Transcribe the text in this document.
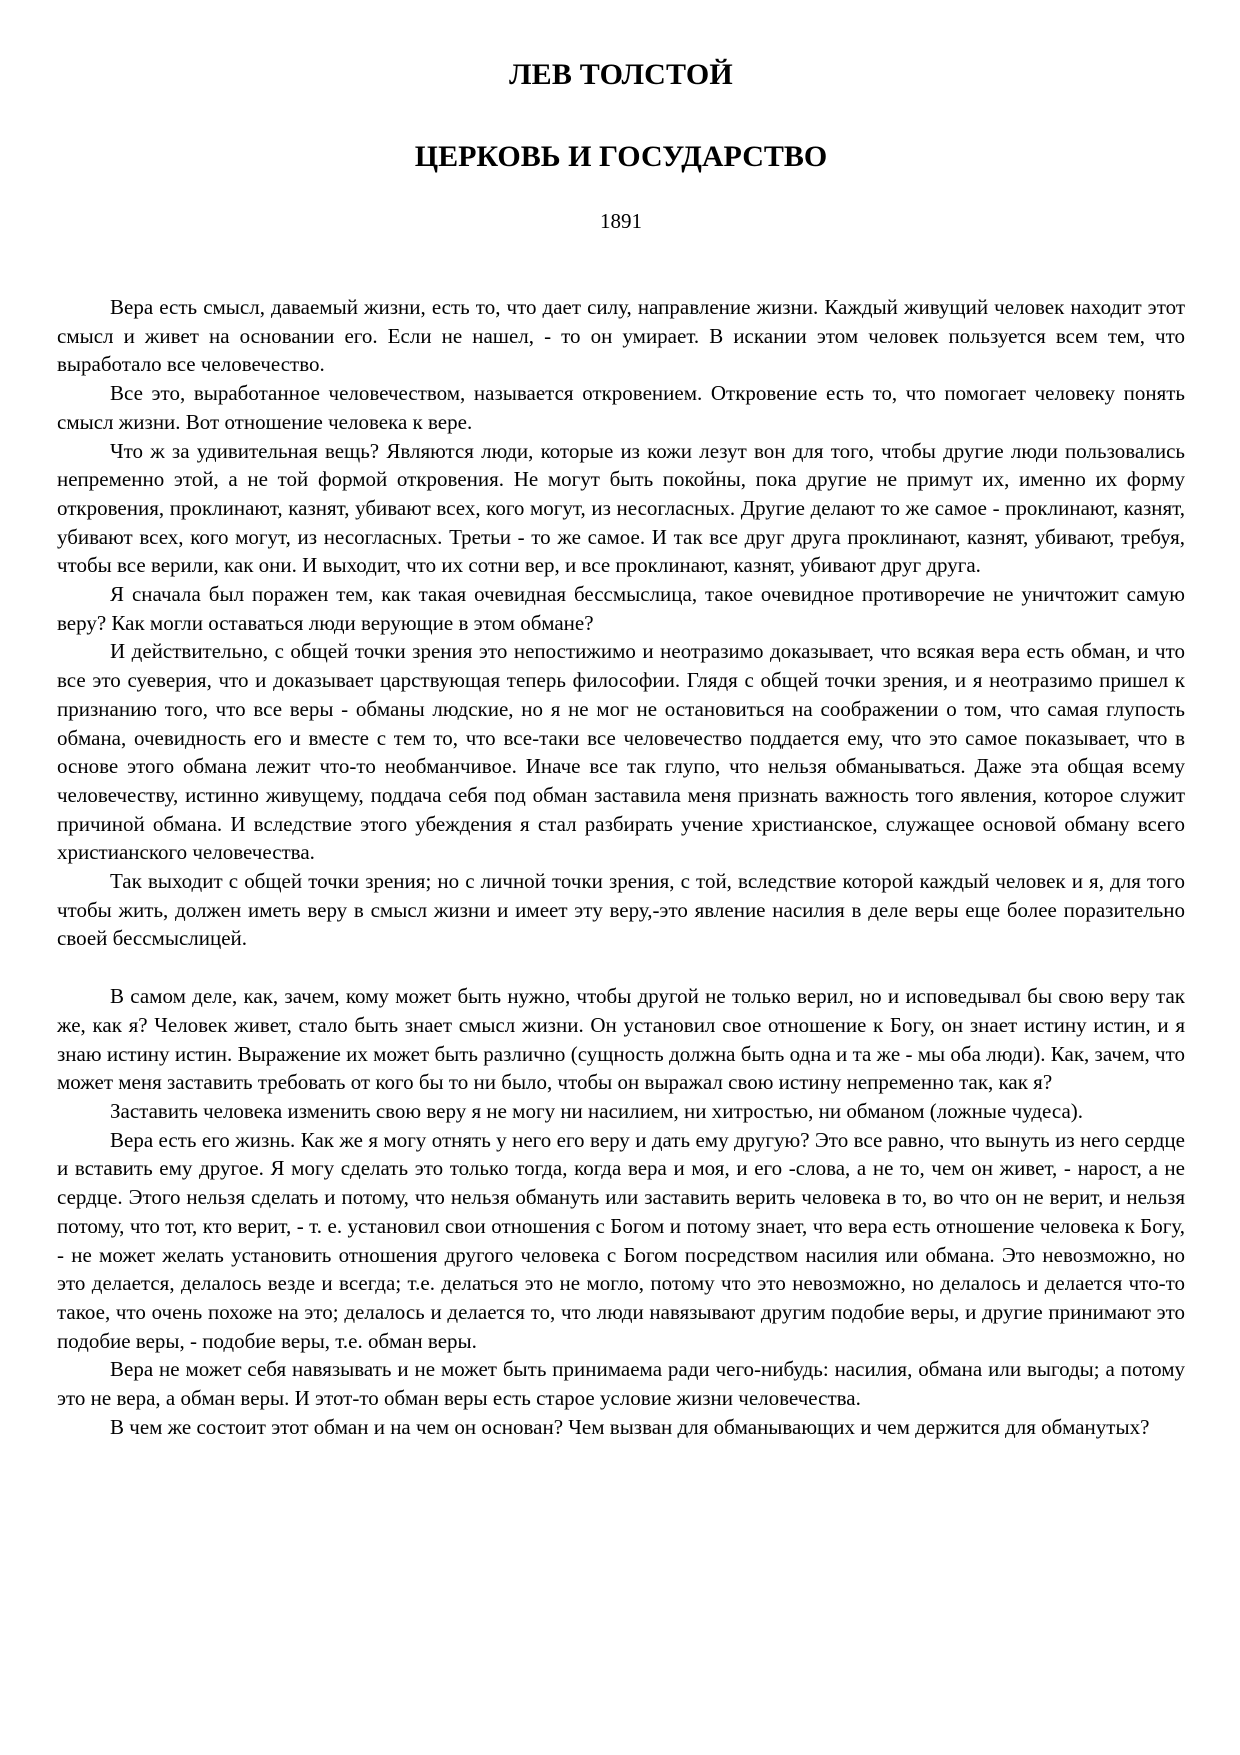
ЛЕВ ТОЛСТОЙ
ЦЕРКОВЬ И ГОСУДАРСТВО
1891

Вера есть смысл, даваемый жизни, есть то, что дает силу, направление жизни. Каждый живущий человек находит этот смысл и живет на основании его. Если не нашел, - то он умирает. В искании этом человек пользуется всем тем, что выработало все человечество.

Все это, выработанное человечеством, называется откровением. Откровение есть то, что помогает человеку понять смысл жизни. Вот отношение человека к вере.

Что ж за удивительная вещь? Являются люди, которые из кожи лезут вон для того, чтобы другие люди пользовались непременно этой, а не той формой откровения. Не могут быть покойны, пока другие не примут их, именно их форму откровения, проклинают, казнят, убивают всех, кого могут, из несогласных. Другие делают то же самое - проклинают, казнят, убивают всех, кого могут, из несогласных. Третьи - то же самое. И так все друг друга проклинают, казнят, убивают, требуя, чтобы все верили, как они. И выходит, что их сотни вер, и все проклинают, казнят, убивают друг друга.

Я сначала был поражен тем, как такая очевидная бессмыслица, такое очевидное противоречие не уничтожит самую веру? Как могли оставаться люди верующие в этом обмане?

И действительно, с общей точки зрения это непостижимо и неотразимо доказывает, что всякая вера есть обман, и что все это суеверия, что и доказывает царствующая теперь философии. Глядя с общей точки зрения, и я неотразимо пришел к признанию того, что все веры - обманы людские, но я не мог не остановиться на соображении о том, что самая глупость обмана, очевидность его и вместе с тем то, что все-таки все человечество поддается ему, что это самое показывает, что в основе этого обмана лежит что-то необманчивое. Иначе все так глупо, что нельзя обманываться. Даже эта общая всему человечеству, истинно живущему, поддача себя под обман заставила меня признать важность того явления, которое служит причиной обмана. И вследствие этого убеждения я стал разбирать учение христианское, служащее основой обману всего христианского человечества.

Так выходит с общей точки зрения; но с личной точки зрения, с той, вследствие которой каждый человек и я, для того чтобы жить, должен иметь веру в смысл жизни и имеет эту веру,-это явление насилия в деле веры еще более поразительно своей бессмыслицей.

В самом деле, как, зачем, кому может быть нужно, чтобы другой не только верил, но и исповедывал бы свою веру так же, как я? Человек живет, стало быть знает смысл жизни. Он установил свое отношение к Богу, он знает истину истин, и я знаю истину истин. Выражение их может быть различно (сущность должна быть одна и та же - мы оба люди). Как, зачем, что может меня заставить требовать от кого бы то ни было, чтобы он выражал свою истину непременно так, как я?

Заставить человека изменить свою веру я не могу ни насилием, ни хитростью, ни обманом (ложные чудеса).

Вера есть его жизнь. Как же я могу отнять у него его веру и дать ему другую? Это все равно, что вынуть из него сердце и вставить ему другое. Я могу сделать это только тогда, когда вера и моя, и его -слова, а не то, чем он живет, - нарост, а не сердце. Этого нельзя сделать и потому, что нельзя обмануть или заставить верить человека в то, во что он не верит, и нельзя потому, что тот, кто верит, - т. е. установил свои отношения с Богом и потому знает, что вера есть отношение человека к Богу, - не может желать установить отношения другого человека с Богом посредством насилия или обмана. Это невозможно, но это делается, делалось везде и всегда; т.е. делаться это не могло, потому что это невозможно, но делалось и делается что-то такое, что очень похоже на это; делалось и делается то, что люди навязывают другим подобие веры, и другие принимают это подобие веры, - подобие веры, т.е. обман веры.

Вера не может себя навязывать и не может быть принимаема ради чего-нибудь: насилия, обмана или выгоды; а потому это не вера, а обман веры. И этот-то обман веры есть старое условие жизни человечества.

В чем же состоит этот обман и на чем он основан? Чем вызван для обманывающих и чем держится для обманутых?
